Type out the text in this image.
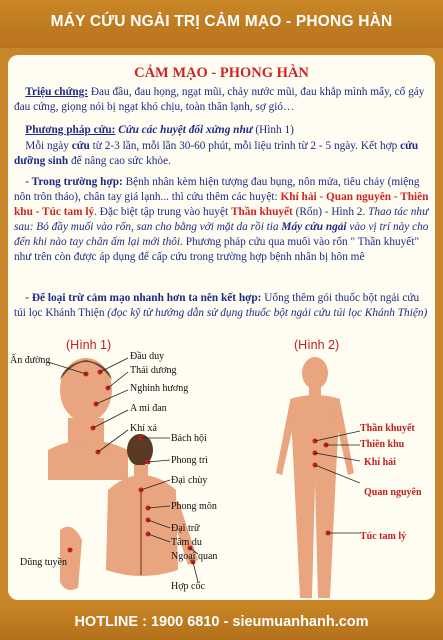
MÁY CỨU NGẢI TRỊ CẢM MẠO - PHONG HÀN
CẢM MẠO - PHONG HÀN
Triệu chứng: Đau đầu, đau họng, ngạt mũi, chảy nước mũi, đau khắp mình mẩy, cổ gáy đau cứng, giọng nói bị ngạt khó chịu, toàn thân lạnh, sợ gió…
Phương pháp cứu: Cứu các huyệt đối xứng như (Hình 1)
Mỗi ngày cứu từ 2-3 lần, mỗi lần 30-60 phút, mỗi liệu trình từ 2 - 5 ngày. Kết hợp cứu dưỡng sinh để nâng cao sức khỏe.
- Trong trường hợp: Bệnh nhân kèm hiện tượng đau bụng, nôn mửa, tiêu chảy (miệng nôn trôn tháo), chân tay giá lạnh... thì cứu thêm các huyệt: Khí hải - Quan nguyên - Thiên khu - Túc tam lý. Đặc biệt tập trung vào huyệt Thần khuyết (Rốn) - Hình 2. Thao tác như sau: Bỏ đầy muối vào rốn, san cho bằng với mặt da rồi tia Máy cứu ngải vào vị trí này cho đến khi nào tay chân ấm lại mới thôi. Phương pháp cứu qua muối vào rốn " Thần khuyết" như trên còn được áp dụng để cấp cứu trong trường hợp bệnh nhân bị hôn mê
- Để loại trừ cảm mạo nhanh hơn ta nên kết hợp: Uống thêm gói thuốc bột ngải cứu túi lọc Khánh Thiện (đọc kỹ từ hướng dẫn sử dụng thuốc bột ngải cứu túi lọc Khánh Thiện)
(Hình 1)
Ấn đường	Đầu duy
Thái dương
Nghinh hương
A mi đan
Khí xá
Bách hội
Phong trì
Đại chùy
Phong môn
Đại trữ
Tâm du
Ngoại quan
Hợp cốc
Dũng tuyền
(Hình 2)
Thần khuyết
Thiên khu
Khí hải
Quan nguyên
Túc tam lý
HOTLINE : 1900 6810 - sieumuanhanh.com
